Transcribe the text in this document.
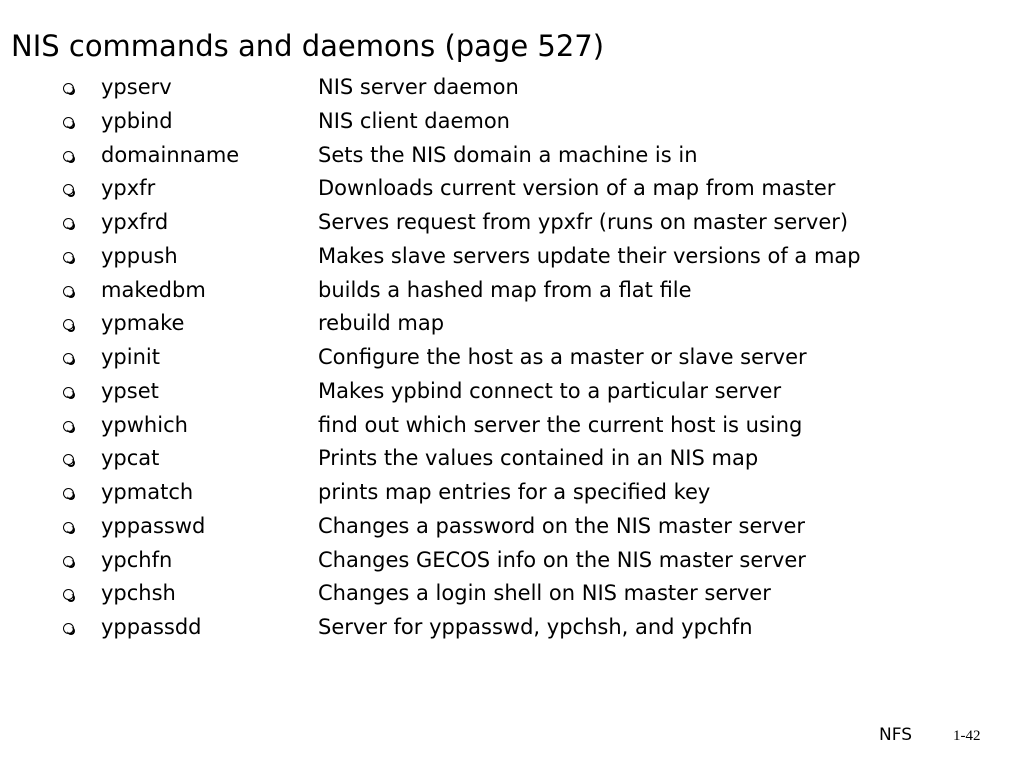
NIS commands and daemons (page 527)
ypserv	NIS server daemon
ypbind	NIS client daemon
domainname	Sets the NIS domain a machine is in
ypxfr	Downloads current version of a map from master
ypxfrd	Serves request from ypxfr (runs on master server)
yppush	Makes slave servers update their versions of a map
makedbm	builds a hashed map from a flat file
ypmake	rebuild map
ypinit	Configure the host as a master or slave server
ypset	Makes ypbind connect to a particular server
ypwhich	find out which server the current host is using
ypcat	Prints the values contained in an NIS map
ypmatch	prints map entries for a specified key
yppasswd	Changes a password on the NIS master server
ypchfn	Changes GECOS info on the NIS master server
ypchsh	Changes a login shell on NIS master server
yppassdd	Server for yppasswd, ypchsh, and ypchfn
NFS	1-42
